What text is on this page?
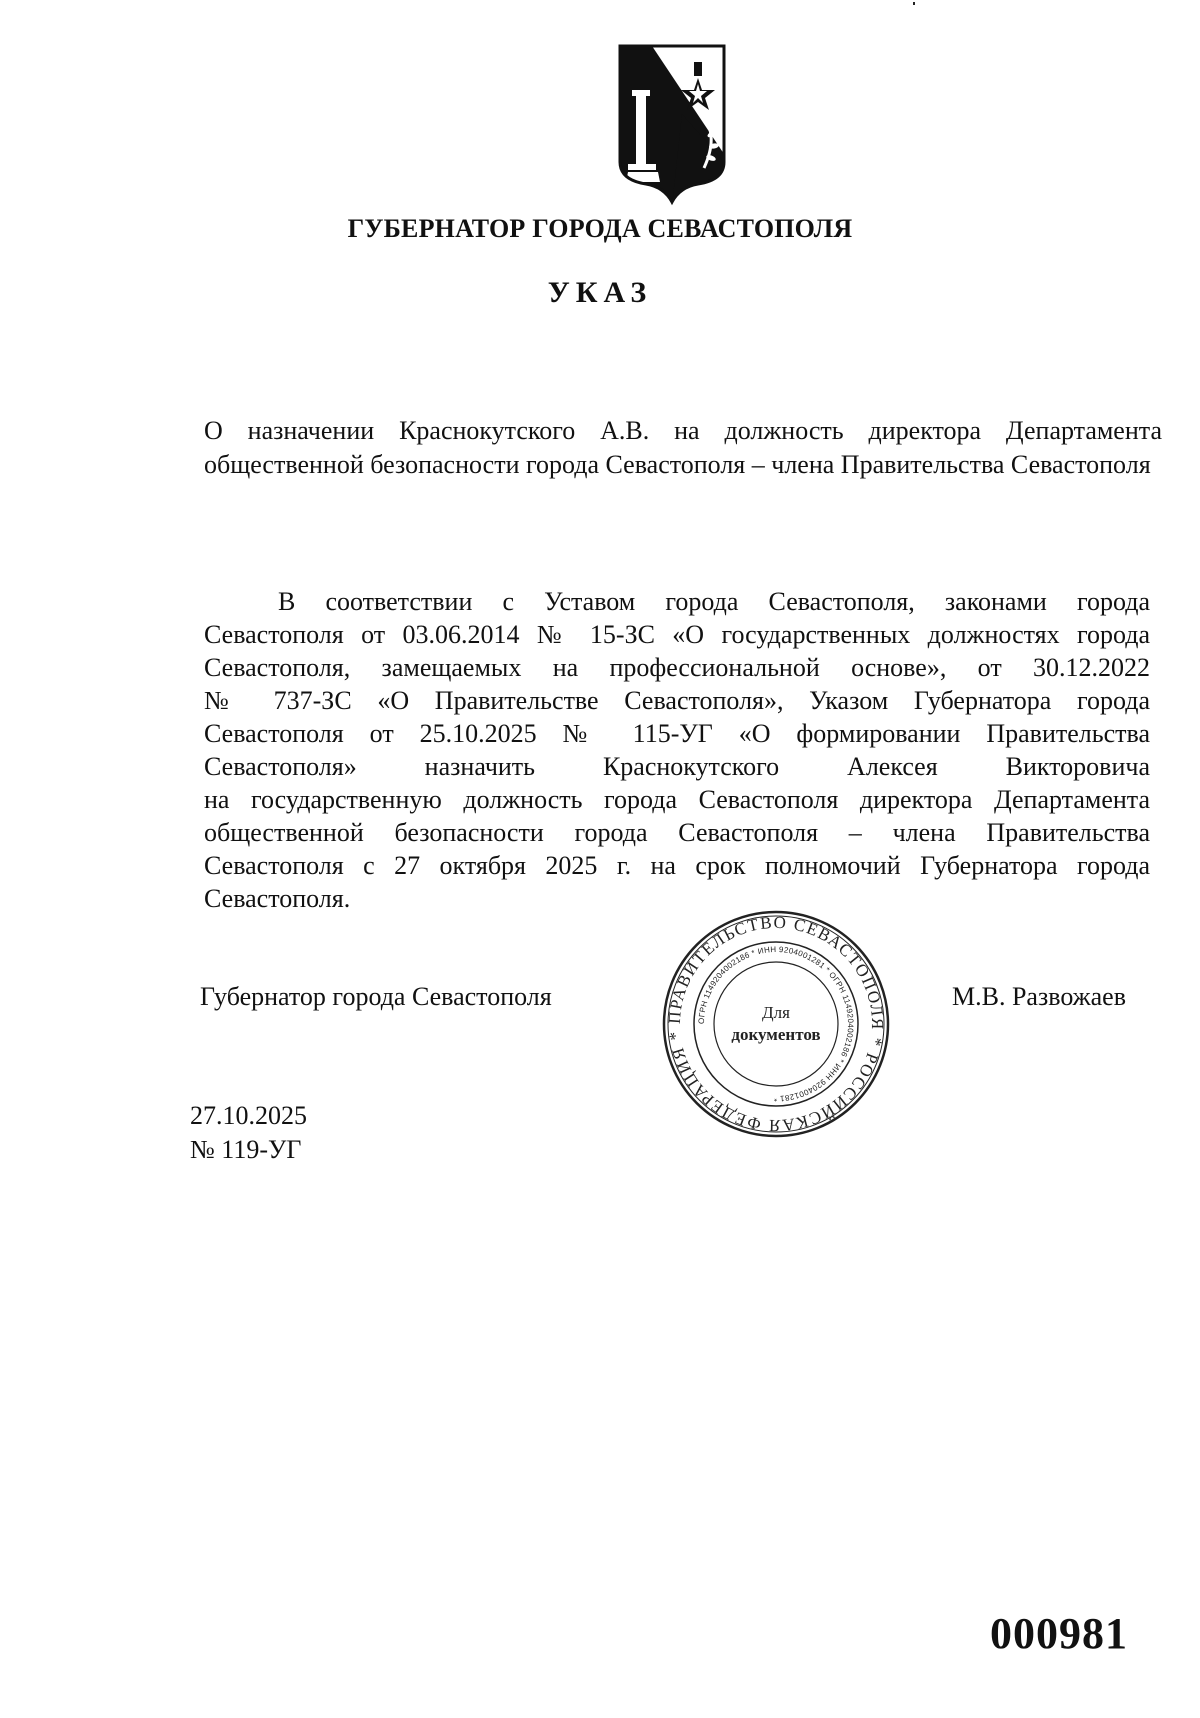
ГУБЕРНАТОР ГОРОДА СЕВАСТОПОЛЯ
УКАЗ
О назначении Краснокутского А.В. на должность директора Департамента общественной безопасности города Севастополя – члена Правительства Севастополя
В соответствии с Уставом города Севастополя, законами города
Севастополя от 03.06.2014 № 15-ЗС «О государственных должностях города
Севастополя, замещаемых на профессиональной основе», от 30.12.2022
№ 737-ЗС «О Правительстве Севастополя», Указом Губернатора города
Севастополя от 25.10.2025 № 115-УГ «О формировании Правительства
Севастополя» назначить Краснокутского Алексея Викторовича
на государственную должность города Севастополя директора Департамента
общественной безопасности города Севастополя – члена Правительства
Севастополя с 27 октября 2025 г. на срок полномочий Губернатора города
Севастополя.
Губернатор города Севастополя
ПРАВИТЕЛЬСТВО СЕВАСТОПОЛЯ * РОССИЙСКАЯ ФЕДЕРАЦИЯ *
ОГРН 1149204002186 * ИНН 9204001281 * ОГРН 1149204002186 * ИНН 9204001281 *
Для
документов
М.В. Развожаев
27.10.2025
№ 119-УГ
000981
